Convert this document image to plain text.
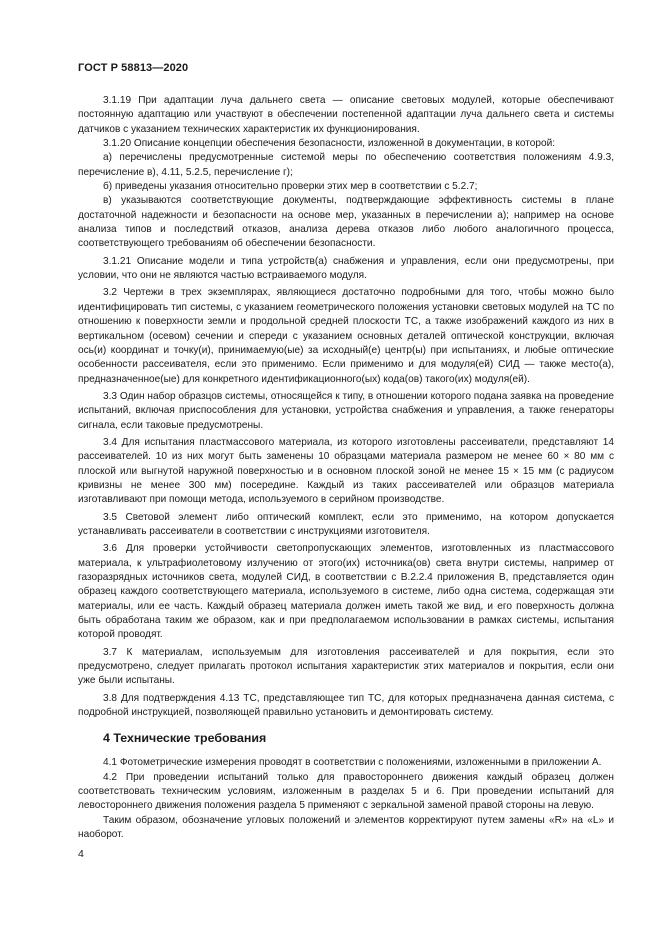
ГОСТ Р 58813—2020

3.1.19 При адаптации луча дальнего света — описание световых модулей, которые обеспечивают постоянную адаптацию или участвуют в обеспечении постепенной адаптации луча дальнего света и системы датчиков с указанием технических характеристик их функционирования.

3.1.20 Описание концепции обеспечения безопасности, изложенной в документации, в которой:

а) перечислены предусмотренные системой меры по обеспечению соответствия положениям 4.9.3, перечисление в), 4.11, 5.2.5, перечисление г);

б) приведены указания относительно проверки этих мер в соответствии с 5.2.7;

в) указываются соответствующие документы, подтверждающие эффективность системы в плане достаточной надежности и безопасности на основе мер, указанных в перечислении а); например на основе анализа типов и последствий отказов, анализа дерева отказов либо любого аналогичного процесса, соответствующего требованиям об обеспечении безопасности.

3.1.21 Описание модели и типа устройств(а) снабжения и управления, если они предусмотрены, при условии, что они не являются частью встраиваемого модуля.

3.2 Чертежи в трех экземплярах, являющиеся достаточно подробными для того, чтобы можно было идентифицировать тип системы, с указанием геометрического положения установки световых модулей на ТС по отношению к поверхности земли и продольной средней плоскости ТС, а также изображений каждого из них в вертикальном (осевом) сечении и спереди с указанием основных деталей оптической конструкции, включая ось(и) координат и точку(и), принимаемую(ые) за исходный(е) центр(ы) при испытаниях, и любые оптические особенности рассеивателя, если это применимо. Если применимо и для модуля(ей) СИД — также место(а), предназначенное(ые) для конкретного идентификационного(ых) кода(ов) такого(их) модуля(ей).

3.3 Один набор образцов системы, относящейся к типу, в отношении которого подана заявка на проведение испытаний, включая приспособления для установки, устройства снабжения и управления, а также генераторы сигнала, если таковые предусмотрены.

3.4 Для испытания пластмассового материала, из которого изготовлены рассеиватели, представляют 14 рассеивателей. 10 из них могут быть заменены 10 образцами материала размером не менее 60 × 80 мм с плоской или выгнутой наружной поверхностью и в основном плоской зоной не менее 15 × 15 мм (с радиусом кривизны не менее 300 мм) посередине. Каждый из таких рассеивателей или образцов материала изготавливают при помощи метода, используемого в серийном производстве.

3.5 Световой элемент либо оптический комплект, если это применимо, на котором допускается устанавливать рассеиватели в соответствии с инструкциями изготовителя.

3.6 Для проверки устойчивости светопропускающих элементов, изготовленных из пластмассового материала, к ультрафиолетовому излучению от этого(их) источника(ов) света внутри системы, например от газоразрядных источников света, модулей СИД, в соответствии с В.2.2.4 приложения В, представляется один образец каждого соответствующего материала, используемого в системе, либо одна система, содержащая эти материалы, или ее часть. Каждый образец материала должен иметь такой же вид, и его поверхность должна быть обработана таким же образом, как и при предполагаемом использовании в рамках системы, испытания которой проводят.

3.7 К материалам, используемым для изготовления рассеивателей и для покрытия, если это предусмотрено, следует прилагать протокол испытания характеристик этих материалов и покрытия, если они уже были испытаны.

3.8 Для подтверждения 4.13 ТС, представляющее тип ТС, для которых предназначена данная система, с подробной инструкцией, позволяющей правильно установить и демонтировать систему.

4 Технические требования

4.1 Фотометрические измерения проводят в соответствии с положениями, изложенными в приложении А.

4.2 При проведении испытаний только для правостороннего движения каждый образец должен соответствовать техническим условиям, изложенным в разделах 5 и 6. При проведении испытаний для левостороннего движения положения раздела 5 применяют с зеркальной заменой правой стороны на левую.

Таким образом, обозначение угловых положений и элементов корректируют путем замены «R» на «L» и наоборот.

4
